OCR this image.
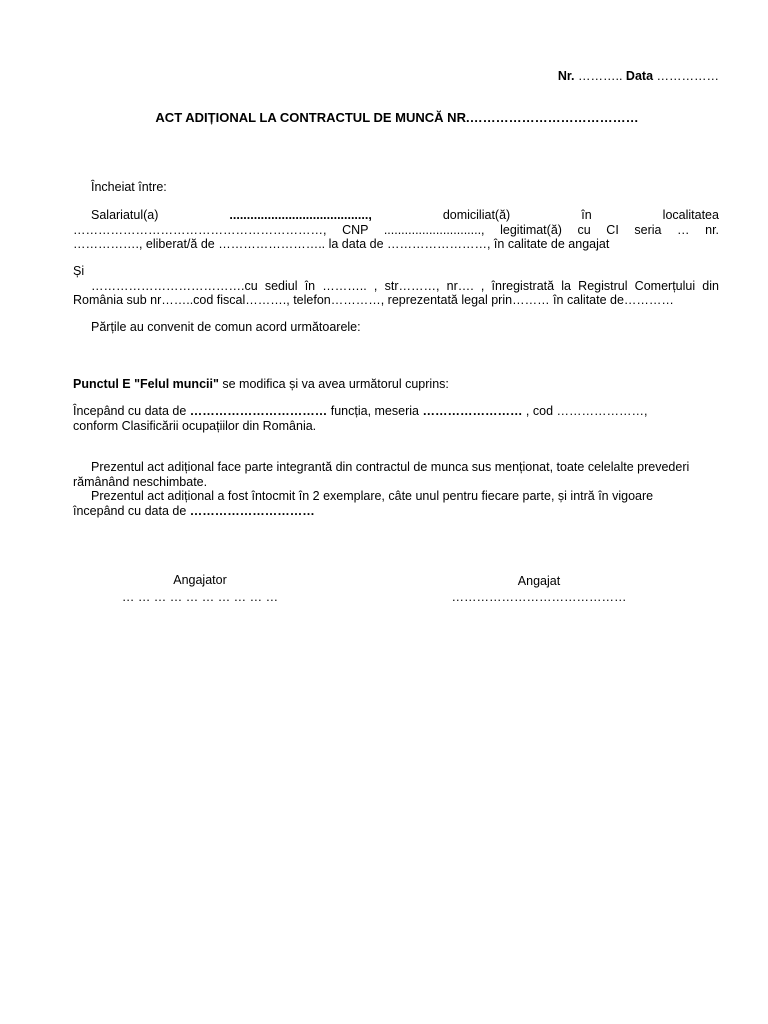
Nr. ……….. Data ……………
ACT ADIȚIONAL LA CONTRACTUL DE MUNCĂ NR.…………………………………
Încheiat între:
Salariatul(a)	........................................,	domiciliat(ă)	în	localitatea
……………………………………………………, CNP ............................, legitimat(ă) cu CI seria … nr.
……………., eliberat/ă de …………………….. la data de ……………………, în calitate de angajat
Și
……………………………….cu sediul în ……….. , str………, nr…. , înregistrată la Registrul Comerțului din
România sub nr……..cod fiscal………., telefon…………, reprezentată legal prin……… în calitate de…………
Părțile au convenit de comun acord următoarele:
Punctul E "Felul muncii" se modifica și va avea următorul cuprins:
Începând cu data de …………………………… funcția, meseria …………………… , cod …………………,
conform Clasificării ocupațiilor din România.
Prezentul act adițional face parte integrantă din contractul de munca sus menționat, toate celelalte prevederi
rămânând neschimbate.
Prezentul act adițional a fost întocmit în 2 exemplare, câte unul pentru fiecare parte, și intră în vigoare
începând cu data de …………………………
Angajator
… … … … … … … … … …
Angajat
……………………………………
